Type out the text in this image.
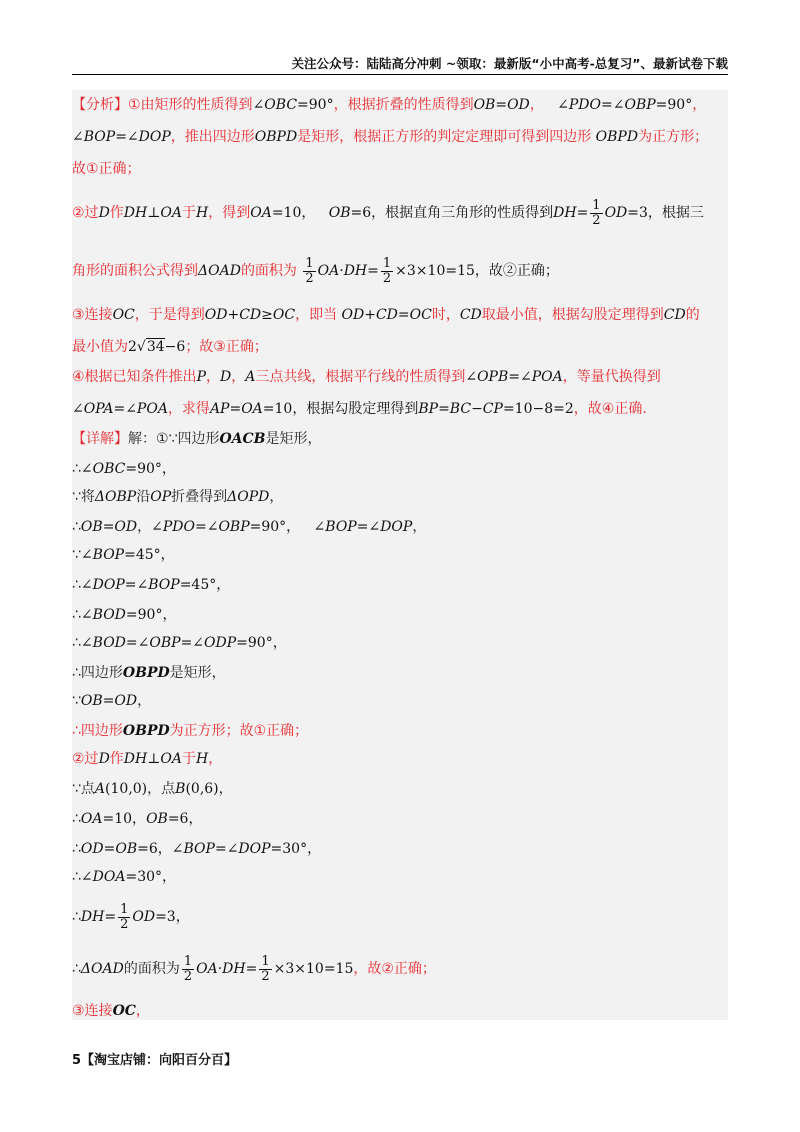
关注公众号：陆陆高分冲刺 ~领取：最新版“小中高考-总复习”、最新试卷下载
【分析】①由矩形的性质得到∠OBC=90°，根据折叠的性质得到OB=OD， ∠PDO=∠OBP=90°，
∠BOP=∠DOP，推出四边形OBPD是矩形，根据正方形的判定定理即可得到四边形 OBPD为正方形；
故①正确；
②过D作DH⊥OA于H，得到OA=10， OB=6，根据直角三角形的性质得到$DH= \frac{1}{2} OD=3$，根据三
角形的面积公式得到ΔOAD的面积为 $\frac{1}{2} OA\cdot DH= \frac{1}{2} \times 3\times 10=15$，故②正确；
③连接OC，于是得到OD+CD≥OC，即当 OD+CD=OC时，CD取最小值，根据勾股定理得到CD的
最小值为2√34−6；故③正确；
④根据已知条件推出P，D，A三点共线，根据平行线的性质得到∠OPB=∠POA，等量代换得到
∠OPA=∠POA，求得AP=OA=10，根据勾股定理得到BP=BC−CP=10−8=2，故④正确.
【详解】解：①∵四边形OACB是矩形，
∴∠OBC=90°，
∵将ΔOBP沿OP折叠得到ΔOPD，
∴OB=OD，∠PDO=∠OBP=90°， ∠BOP=∠DOP，
∵∠BOP=45°，
∴∠DOP=∠BOP=45°，
∴∠BOD=90°，
∴∠BOD=∠OBP=∠ODP=90°，
∴四边形OBPD是矩形，
∵OB=OD，
∴四边形OBPD为正方形；故①正确；
②过D作DH⊥OA于H，
∵点A(10,0)，点B(0,6)，
∴OA=10，OB=6，
∴OD=OB=6，∠BOP=∠DOP=30°，
∴∠DOA=30°，
∴DH= $\frac{1}{2} OD=3$，
∴ΔOAD的面积为 $\frac{1}{2} OA\cdot DH= \frac{1}{2} \times 3\times 10=15$，故②正确；
③连接OC，
5【淘宝店铺：向阳百分百】
